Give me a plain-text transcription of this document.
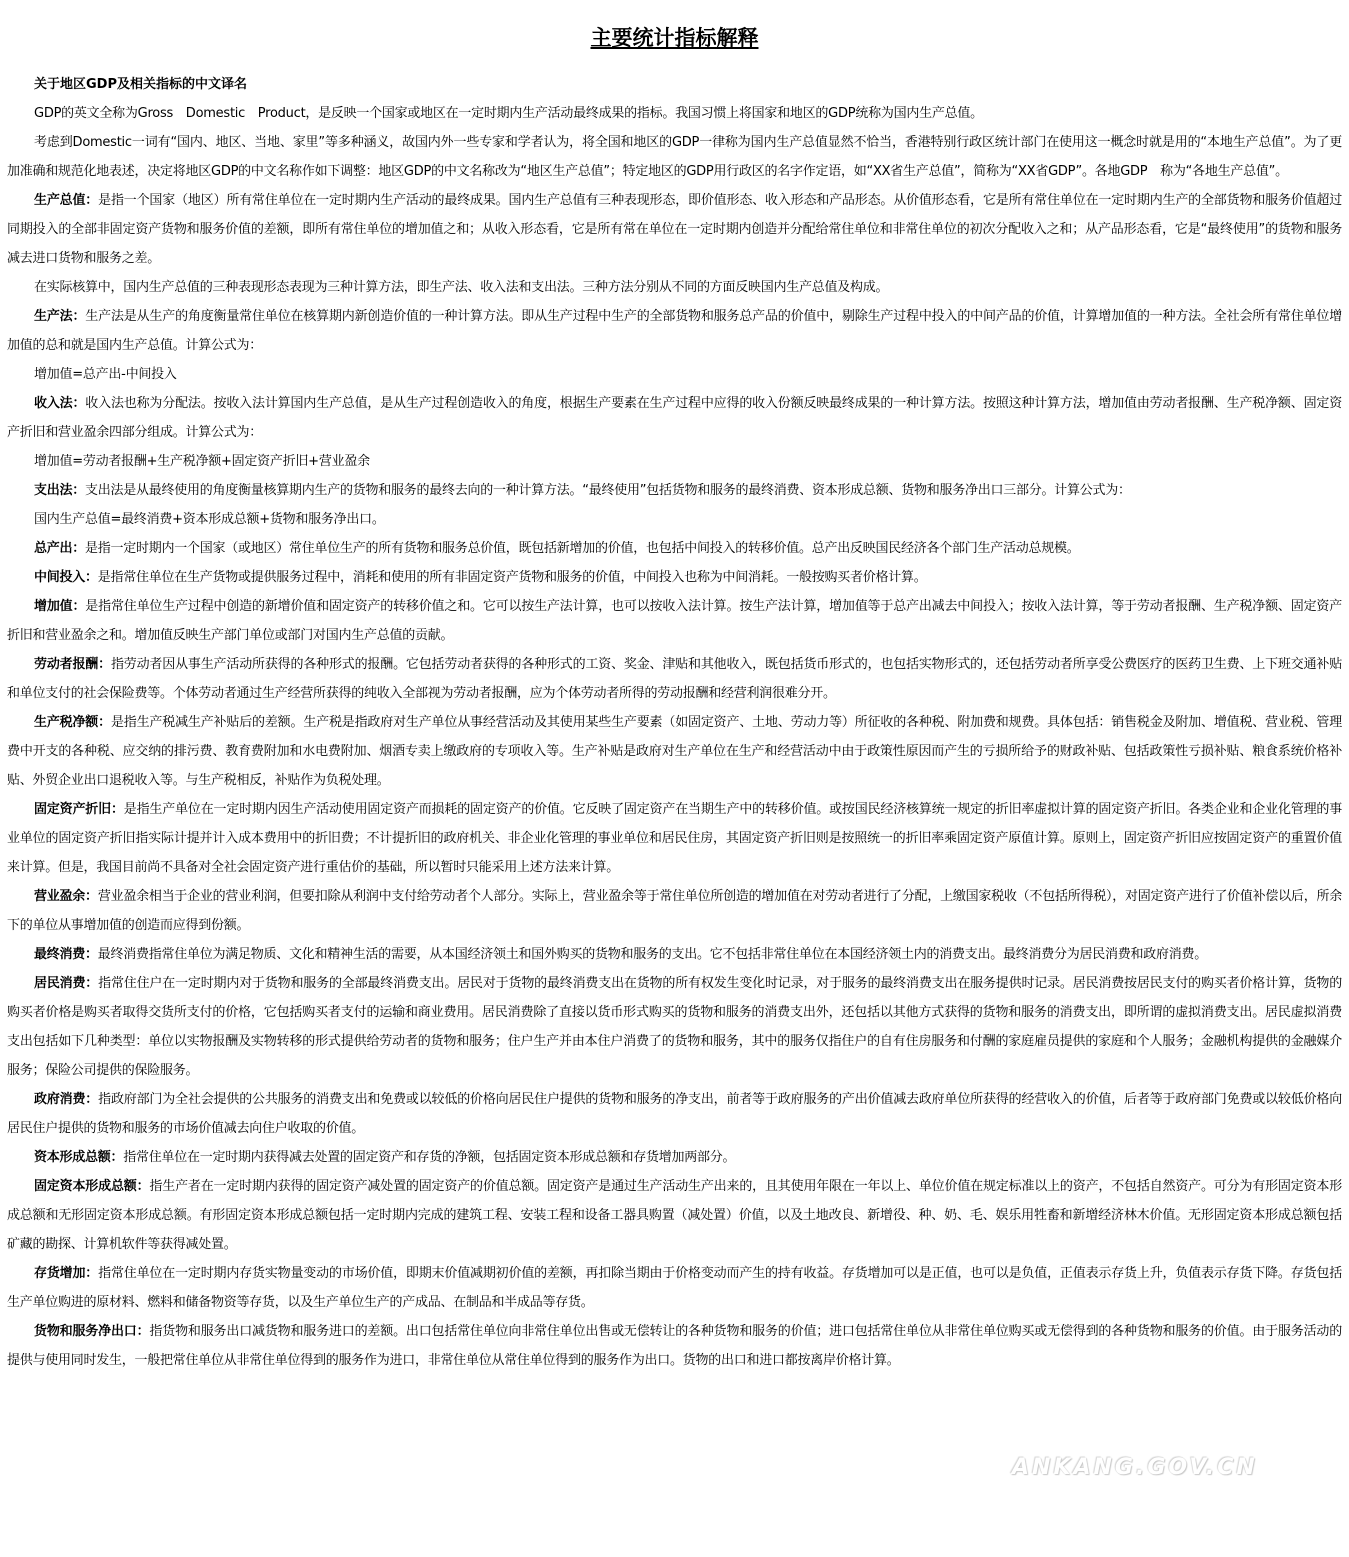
主要统计指标解释

关于地区GDP及相关指标的中文译名

GDP的英文全称为Gross　Domestic　Product，是反映一个国家或地区在一定时期内生产活动最终成果的指标。我国习惯上将国家和地区的GDP统称为国内生产总值。

考虑到Domestic一词有“国内、地区、当地、家里”等多种涵义，故国内外一些专家和学者认为，将全国和地区的GDP一律称为国内生产总值显然不恰当，香港特别行政区统计部门在使用这一概念时就是用的“本地生产总值”。为了更加准确和规范化地表述，决定将地区GDP的中文名称作如下调整：地区GDP的中文名称改为“地区生产总值”；特定地区的GDP用行政区的名字作定语，如“XX省生产总值”，简称为“XX省GDP”。各地GDP　称为“各地生产总值”。

生产总值：是指一个国家（地区）所有常住单位在一定时期内生产活动的最终成果。国内生产总值有三种表现形态，即价值形态、收入形态和产品形态。从价值形态看，它是所有常住单位在一定时期内生产的全部货物和服务价值超过同期投入的全部非固定资产货物和服务价值的差额，即所有常住单位的增加值之和；从收入形态看，它是所有常在单位在一定时期内创造并分配给常住单位和非常住单位的初次分配收入之和；从产品形态看，它是“最终使用”的货物和服务减去进口货物和服务之差。

在实际核算中，国内生产总值的三种表现形态表现为三种计算方法，即生产法、收入法和支出法。三种方法分别从不同的方面反映国内生产总值及构成。

生产法：生产法是从生产的角度衡量常住单位在核算期内新创造价值的一种计算方法。即从生产过程中生产的全部货物和服务总产品的价值中，剔除生产过程中投入的中间产品的价值，计算增加值的一种方法。全社会所有常住单位增加值的总和就是国内生产总值。计算公式为：

增加值=总产出-中间投入

收入法：收入法也称为分配法。按收入法计算国内生产总值，是从生产过程创造收入的角度，根据生产要素在生产过程中应得的收入份额反映最终成果的一种计算方法。按照这种计算方法，增加值由劳动者报酬、生产税净额、固定资产折旧和营业盈余四部分组成。计算公式为：

增加值=劳动者报酬+生产税净额+固定资产折旧+营业盈余

支出法：支出法是从最终使用的角度衡量核算期内生产的货物和服务的最终去向的一种计算方法。“最终使用”包括货物和服务的最终消费、资本形成总额、货物和服务净出口三部分。计算公式为：

国内生产总值=最终消费+资本形成总额+货物和服务净出口。

总产出：是指一定时期内一个国家（或地区）常住单位生产的所有货物和服务总价值，既包括新增加的价值，也包括中间投入的转移价值。总产出反映国民经济各个部门生产活动总规模。

中间投入：是指常住单位在生产货物或提供服务过程中，消耗和使用的所有非固定资产货物和服务的价值，中间投入也称为中间消耗。一般按购买者价格计算。

增加值：是指常住单位生产过程中创造的新增价值和固定资产的转移价值之和。它可以按生产法计算，也可以按收入法计算。按生产法计算，增加值等于总产出减去中间投入；按收入法计算，等于劳动者报酬、生产税净额、固定资产折旧和营业盈余之和。增加值反映生产部门单位或部门对国内生产总值的贡献。

劳动者报酬：指劳动者因从事生产活动所获得的各种形式的报酬。它包括劳动者获得的各种形式的工资、奖金、津贴和其他收入，既包括货币形式的，也包括实物形式的，还包括劳动者所享受公费医疗的医药卫生费、上下班交通补贴和单位支付的社会保险费等。个体劳动者通过生产经营所获得的纯收入全部视为劳动者报酬，应为个体劳动者所得的劳动报酬和经营利润很难分开。

生产税净额：是指生产税减生产补贴后的差额。生产税是指政府对生产单位从事经营活动及其使用某些生产要素（如固定资产、土地、劳动力等）所征收的各种税、附加费和规费。具体包括：销售税金及附加、增值税、营业税、管理费中开支的各种税、应交纳的排污费、教育费附加和水电费附加、烟酒专卖上缴政府的专项收入等。生产补贴是政府对生产单位在生产和经营活动中由于政策性原因而产生的亏损所给予的财政补贴、包括政策性亏损补贴、粮食系统价格补贴、外贸企业出口退税收入等。与生产税相反，补贴作为负税处理。

固定资产折旧：是指生产单位在一定时期内因生产活动使用固定资产而损耗的固定资产的价值。它反映了固定资产在当期生产中的转移价值。或按国民经济核算统一规定的折旧率虚拟计算的固定资产折旧。各类企业和企业化管理的事业单位的固定资产折旧指实际计提并计入成本费用中的折旧费；不计提折旧的政府机关、非企业化管理的事业单位和居民住房，其固定资产折旧则是按照统一的折旧率乘固定资产原值计算。原则上，固定资产折旧应按固定资产的重置价值来计算。但是，我国目前尚不具备对全社会固定资产进行重估价的基础，所以暂时只能采用上述方法来计算。

营业盈余：营业盈余相当于企业的营业利润，但要扣除从利润中支付给劳动者个人部分。实际上，营业盈余等于常住单位所创造的增加值在对劳动者进行了分配，上缴国家税收（不包括所得税），对固定资产进行了价值补偿以后，所余下的单位从事增加值的创造而应得到份额。

最终消费：最终消费指常住单位为满足物质、文化和精神生活的需要，从本国经济领土和国外购买的货物和服务的支出。它不包括非常住单位在本国经济领土内的消费支出。最终消费分为居民消费和政府消费。

居民消费：指常住住户在一定时期内对于货物和服务的全部最终消费支出。居民对于货物的最终消费支出在货物的所有权发生变化时记录，对于服务的最终消费支出在服务提供时记录。居民消费按居民支付的购买者价格计算，货物的购买者价格是购买者取得交货所支付的价格，它包括购买者支付的运输和商业费用。居民消费除了直接以货币形式购买的货物和服务的消费支出外，还包括以其他方式获得的货物和服务的消费支出，即所谓的虚拟消费支出。居民虚拟消费支出包括如下几种类型：单位以实物报酬及实物转移的形式提供给劳动者的货物和服务；住户生产并由本住户消费了的货物和服务，其中的服务仅指住户的自有住房服务和付酬的家庭雇员提供的家庭和个人服务；金融机构提供的金融媒介服务；保险公司提供的保险服务。

政府消费：指政府部门为全社会提供的公共服务的消费支出和免费或以较低的价格向居民住户提供的货物和服务的净支出，前者等于政府服务的产出价值减去政府单位所获得的经营收入的价值，后者等于政府部门免费或以较低价格向居民住户提供的货物和服务的市场价值减去向住户收取的价值。

资本形成总额：指常住单位在一定时期内获得减去处置的固定资产和存货的净额，包括固定资本形成总额和存货增加两部分。

固定资本形成总额：指生产者在一定时期内获得的固定资产减处置的固定资产的价值总额。固定资产是通过生产活动生产出来的，且其使用年限在一年以上、单位价值在规定标准以上的资产，不包括自然资产。可分为有形固定资本形成总额和无形固定资本形成总额。有形固定资本形成总额包括一定时期内完成的建筑工程、安装工程和设备工器具购置（减处置）价值，以及土地改良、新增役、种、奶、毛、娱乐用牲畜和新增经济林木价值。无形固定资本形成总额包括矿藏的勘探、计算机软件等获得减处置。

存货增加：指常住单位在一定时期内存货实物量变动的市场价值，即期末价值减期初价值的差额，再扣除当期由于价格变动而产生的持有收益。存货增加可以是正值，也可以是负值，正值表示存货上升，负值表示存货下降。存货包括生产单位购进的原材料、燃料和储备物资等存货，以及生产单位生产的产成品、在制品和半成品等存货。

货物和服务净出口：指货物和服务出口减货物和服务进口的差额。出口包括常住单位向非常住单位出售或无偿转让的各种货物和服务的价值；进口包括常住单位从非常住单位购买或无偿得到的各种货物和服务的价值。由于服务活动的提供与使用同时发生，一般把常住单位从非常住单位得到的服务作为进口，非常住单位从常住单位得到的服务作为出口。货物的出口和进口都按离岸价格计算。

ANKANG.GOV.CN
